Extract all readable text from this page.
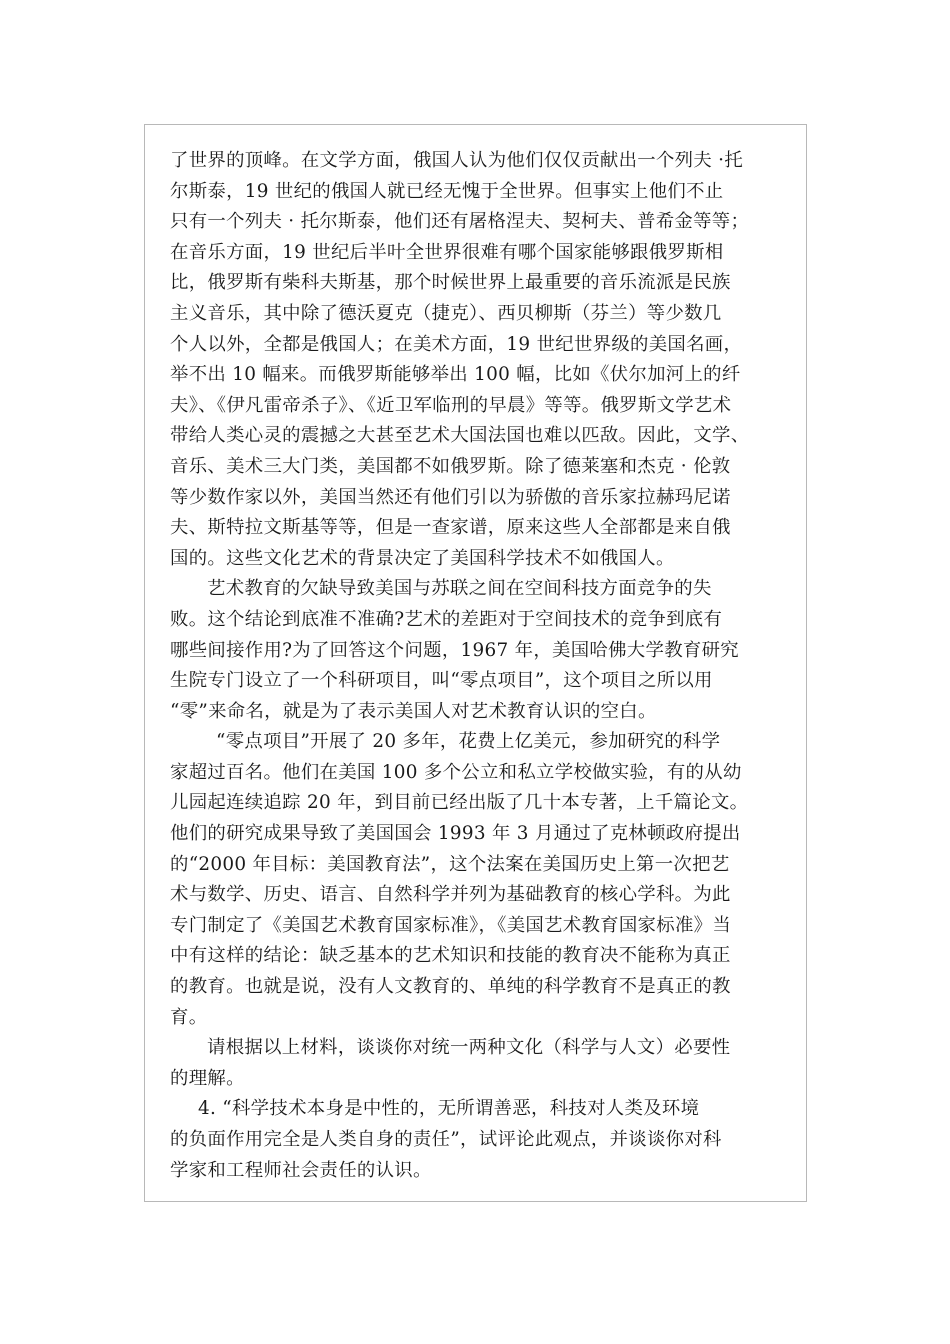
了世界的顶峰。在文学方面，俄国人认为他们仅仅贡献出一个列夫 ·托
尔斯泰，19 世纪的俄国人就已经无愧于全世界。但事实上他们不止
只有一个列夫 · 托尔斯泰，他们还有屠格涅夫、契柯夫、普希金等等；
在音乐方面，19 世纪后半叶全世界很难有哪个国家能够跟俄罗斯相
比，俄罗斯有柴科夫斯基，那个时候世界上最重要的音乐流派是民族
主义音乐，其中除了德沃夏克（捷克）、西贝柳斯（芬兰）等少数几
个人以外，全都是俄国人；在美术方面，19 世纪世界级的美国名画，
举不出 10 幅来。而俄罗斯能够举出 100 幅，比如《伏尔加河上的纤
夫》、《伊凡雷帝杀子》、《近卫军临刑的早晨》等等。俄罗斯文学艺术
带给人类心灵的震撼之大甚至艺术大国法国也难以匹敌。因此，文学、
音乐、美术三大门类，美国都不如俄罗斯。除了德莱塞和杰克 · 伦敦
等少数作家以外，美国当然还有他们引以为骄傲的音乐家拉赫玛尼诺
夫、斯特拉文斯基等等，但是一查家谱，原来这些人全部都是来自俄
国的。这些文化艺术的背景决定了美国科学技术不如俄国人。
艺术教育的欠缺导致美国与苏联之间在空间科技方面竞争的失
败。这个结论到底准不准确?艺术的差距对于空间技术的竞争到底有
哪些间接作用?为了回答这个问题，1967 年，美国哈佛大学教育研究
生院专门设立了一个科研项目，叫“零点项目”，这个项目之所以用
“零”来命名，就是为了表示美国人对艺术教育认识的空白。
“零点项目”开展了 20 多年，花费上亿美元，参加研究的科学
家超过百名。他们在美国 100 多个公立和私立学校做实验，有的从幼
儿园起连续追踪 20 年，到目前已经出版了几十本专著，上千篇论文。
他们的研究成果导致了美国国会 1993 年 3 月通过了克林顿政府提出
的“2000 年目标：美国教育法”，这个法案在美国历史上第一次把艺
术与数学、历史、语言、自然科学并列为基础教育的核心学科。为此
专门制定了《美国艺术教育国家标准》，《美国艺术教育国家标准》当
中有这样的结论：缺乏基本的艺术知识和技能的教育决不能称为真正
的教育。也就是说，没有人文教育的、单纯的科学教育不是真正的教
育。
请根据以上材料，谈谈你对统一两种文化（科学与人文）必要性
的理解。
4. “科学技术本身是中性的，无所谓善恶，科技对人类及环境
的负面作用完全是人类自身的责任”，试评论此观点，并谈谈你对科
学家和工程师社会责任的认识。
